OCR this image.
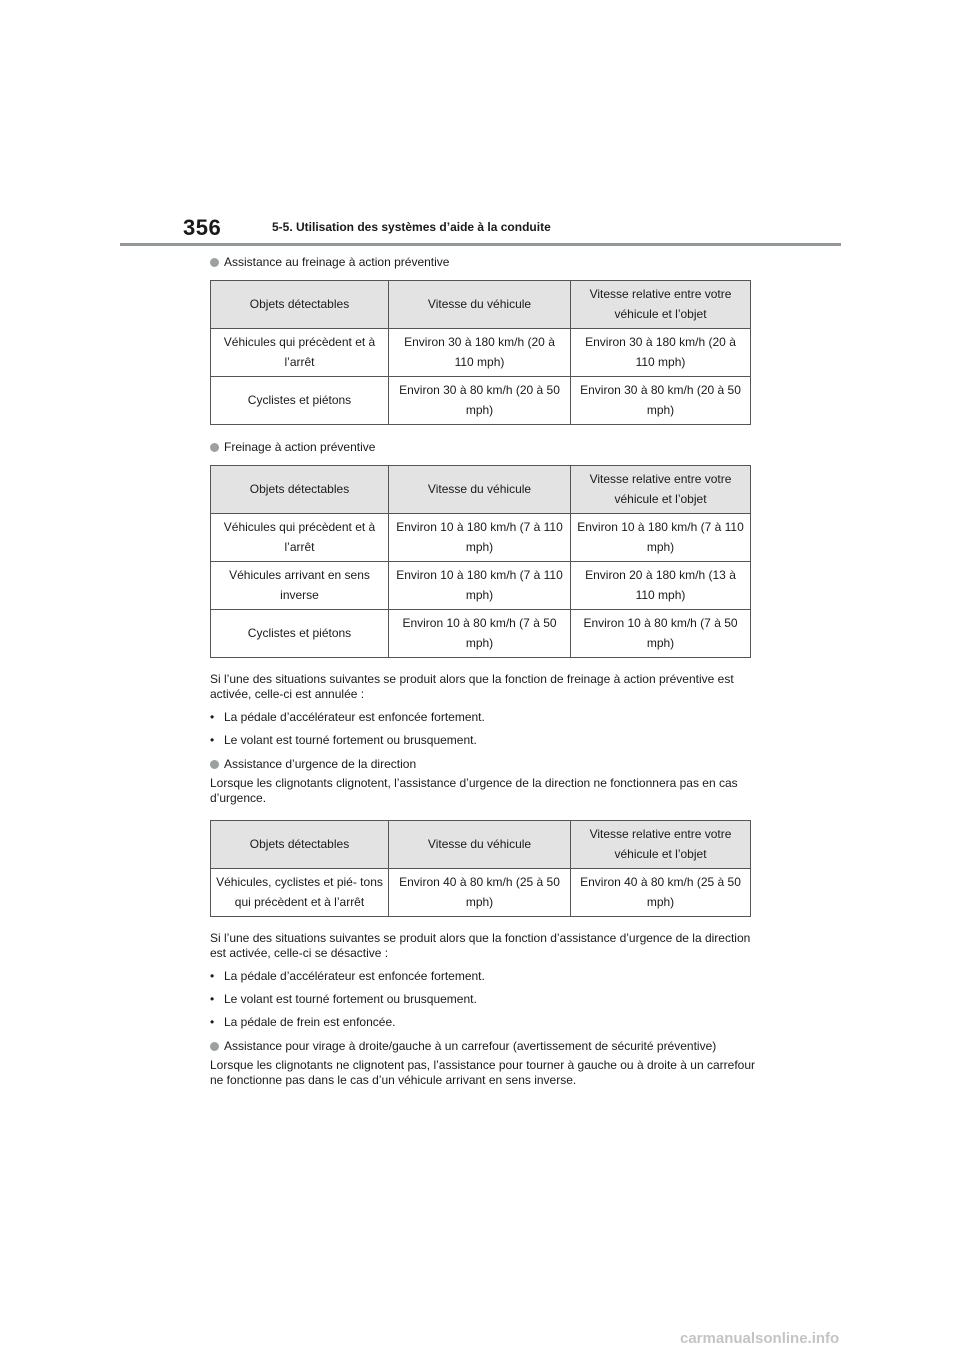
356	5-5. Utilisation des systèmes d’aide à la conduite
Assistance au freinage à action préventive
Objets détectables	Vitesse du véhicule	Vitesse relative entre votre véhicule et l’objet
Véhicules qui précèdent et à l’arrêt	Environ 30 à 180 km/h (20 à 110 mph)	Environ 30 à 180 km/h (20 à 110 mph)
Cyclistes et piétons	Environ 30 à 80 km/h (20 à 50 mph)	Environ 30 à 80 km/h (20 à 50 mph)
Freinage à action préventive
Objets détectables	Vitesse du véhicule	Vitesse relative entre votre véhicule et l’objet
Véhicules qui précèdent et à l’arrêt	Environ 10 à 180 km/h (7 à 110 mph)	Environ 10 à 180 km/h (7 à 110 mph)
Véhicules arrivant en sens inverse	Environ 10 à 180 km/h (7 à 110 mph)	Environ 20 à 180 km/h (13 à 110 mph)
Cyclistes et piétons	Environ 10 à 80 km/h (7 à 50 mph)	Environ 10 à 80 km/h (7 à 50 mph)

Si l’une des situations suivantes se produit alors que la fonction de freinage à action préventive est activée, celle-ci est annulée :

• La pédale d’accélérateur est enfoncée fortement.
• Le volant est tourné fortement ou brusquement.
Assistance d’urgence de la direction

Lorsque les clignotants clignotent, l’assistance d’urgence de la direction ne fonctionnera pas en cas d’urgence.

Objets détectables	Vitesse du véhicule	Vitesse relative entre votre véhicule et l’objet
Véhicules, cyclistes et pié- tons qui précèdent et à l’arrêt	Environ 40 à 80 km/h (25 à 50 mph)	Environ 40 à 80 km/h (25 à 50 mph)

Si l’une des situations suivantes se produit alors que la fonction d’assistance d’urgence de la direction est activée, celle-ci se désactive :

• La pédale d’accélérateur est enfoncée fortement.
• Le volant est tourné fortement ou brusquement.
• La pédale de frein est enfoncée.
Assistance pour virage à droite/gauche à un carrefour (avertissement de sécurité préventive)

Lorsque les clignotants ne clignotent pas, l’assistance pour tourner à gauche ou à droite à un carrefour ne fonctionne pas dans le cas d’un véhicule arrivant en sens inverse.

carmanualsonline.info
